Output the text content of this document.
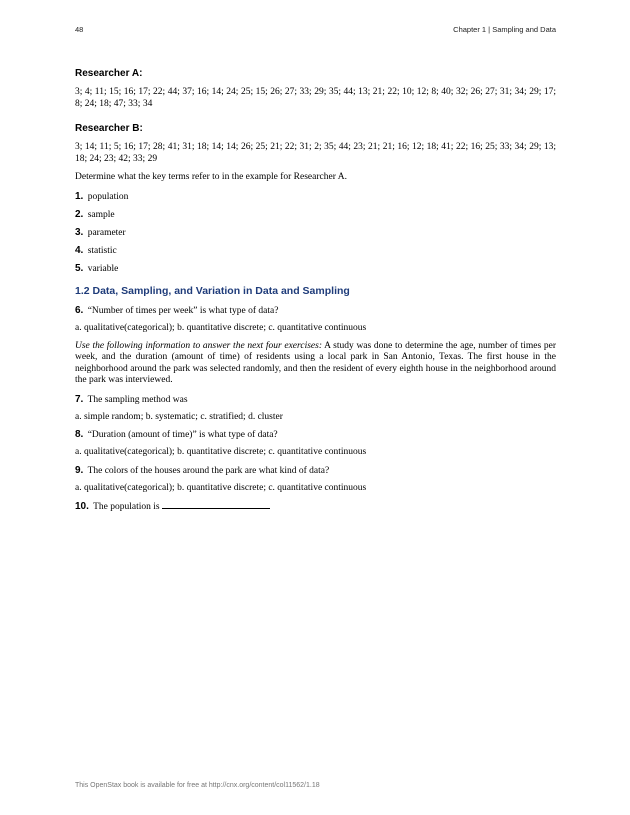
48	Chapter 1 | Sampling and Data
Researcher A:
3; 4; 11; 15; 16; 17; 22; 44; 37; 16; 14; 24; 25; 15; 26; 27; 33; 29; 35; 44; 13; 21; 22; 10; 12; 8; 40; 32; 26; 27; 31; 34; 29; 17; 8; 24; 18; 47; 33; 34
Researcher B:
3; 14; 11; 5; 16; 17; 28; 41; 31; 18; 14; 14; 26; 25; 21; 22; 31; 2; 35; 44; 23; 21; 21; 16; 12; 18; 41; 22; 16; 25; 33; 34; 29; 13; 18; 24; 23; 42; 33; 29
Determine what the key terms refer to in the example for Researcher A.
1. population
2. sample
3. parameter
4. statistic
5. variable
1.2 Data, Sampling, and Variation in Data and Sampling
6. “Number of times per week” is what type of data?
a. qualitative(categorical); b. quantitative discrete; c. quantitative continuous
Use the following information to answer the next four exercises: A study was done to determine the age, number of times per week, and the duration (amount of time) of residents using a local park in San Antonio, Texas. The first house in the neighborhood around the park was selected randomly, and then the resident of every eighth house in the neighborhood around the park was interviewed.
7. The sampling method was
a. simple random; b. systematic; c. stratified; d. cluster
8. “Duration (amount of time)” is what type of data?
a. qualitative(categorical); b. quantitative discrete; c. quantitative continuous
9. The colors of the houses around the park are what kind of data?
a. qualitative(categorical); b. quantitative discrete; c. quantitative continuous
10. The population is
This OpenStax book is available for free at http://cnx.org/content/col11562/1.18
